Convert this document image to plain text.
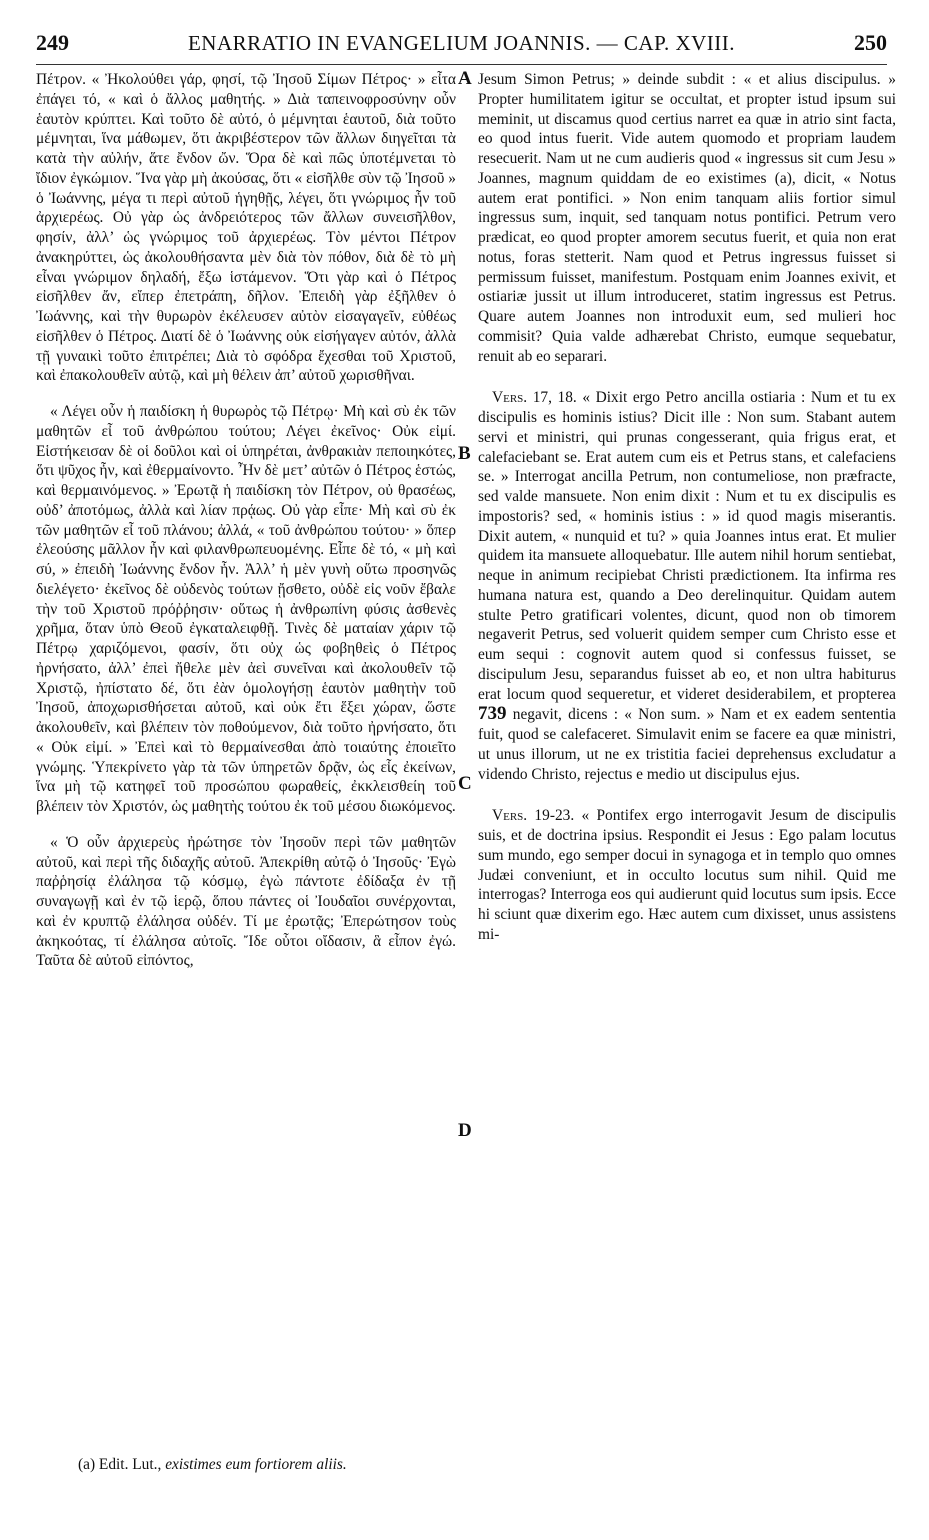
249	ENARRATIO IN EVANGELIUM JOANNIS. — CAP. XVIII.	250
A
B
C
D

Πέτρον. « Ἠκολούθει γάρ, φησί, τῷ Ἰησοῦ Σίμων Πέτρος· » εἶτα ἐπάγει τό, « καὶ ὁ ἄλλος μαθητής. » Διὰ ταπεινοφροσύνην οὖν ἑαυτὸν κρύπτει. Καὶ τοῦτο δὲ αὐτό, ὁ μέμνηται ἑαυτοῦ, διὰ τοῦτο μέμνηται, ἵνα μάθωμεν, ὅτι ἀκριβέστερον τῶν ἄλλων διηγεῖται τὰ κατὰ τὴν αὐλήν, ἅτε ἔνδον ὤν. Ὅρα δὲ καὶ πῶς ὑποτέμνεται τὸ ἴδιον ἐγκώμιον. Ἵνα γὰρ μὴ ἀκούσας, ὅτι « εἰσῆλθε σὺν τῷ Ἰησοῦ » ὁ Ἰωάννης, μέγα τι περὶ αὐτοῦ ἡγηθῇς, λέγει, ὅτι γνώριμος ἦν τοῦ ἀρχιερέως. Οὐ γὰρ ὡς ἀνδρειότερος τῶν ἄλλων συνεισῆλθον, φησίν, ἀλλ’ ὡς γνώριμος τοῦ ἀρχιερέως. Τὸν μέντοι Πέτρον ἀνακηρύττει, ὡς ἀκολουθήσαντα μὲν διὰ τὸν πόθον, διὰ δὲ τὸ μὴ εἶναι γνώριμον δηλαδή, ἔξω ἱστάμενον. Ὅτι γὰρ καὶ ὁ Πέτρος εἰσῆλθεν ἄν, εἴπερ ἐπετράπη, δῆλον. Ἐπειδὴ γὰρ ἐξῆλθεν ὁ Ἰωάννης, καὶ τὴν θυρωρὸν ἐκέλευσεν αὐτὸν εἰσαγαγεῖν, εὐθέως εἰσῆλθεν ὁ Πέτρος. Διατί δὲ ὁ Ἰωάννης οὐκ εἰσήγαγεν αὐτόν, ἀλλὰ τῇ γυναικὶ τοῦτο ἐπιτρέπει; Διὰ τὸ σφόδρα ἔχεσθαι τοῦ Χριστοῦ, καὶ ἐπακολουθεῖν αὐτῷ, καὶ μὴ θέλειν ἀπ’ αὐτοῦ χωρισθῆναι.

« Λέγει οὖν ἡ παιδίσκη ἡ θυρωρὸς τῷ Πέτρῳ· Μὴ καὶ σὺ ἐκ τῶν μαθητῶν εἶ τοῦ ἀνθρώπου τούτου; Λέγει ἐκεῖνος· Οὐκ εἰμί. Εἱστήκεισαν δὲ οἱ δοῦλοι καὶ οἱ ὑπηρέται, ἀνθρακιὰν πεποιηκότες, ὅτι ψῦχος ἦν, καὶ ἐθερμαίνοντο. Ἦν δὲ μετ’ αὐτῶν ὁ Πέτρος ἑστώς, καὶ θερμαινόμενος. » Ἐρωτᾷ ἡ παιδίσκη τὸν Πέτρον, οὐ θρασέως, οὐδ’ ἀποτόμως, ἀλλὰ καὶ λίαν πρᾴως. Οὐ γὰρ εἶπε· Μὴ καὶ σὺ ἐκ τῶν μαθητῶν εἶ τοῦ πλάνου; ἀλλά, « τοῦ ἀνθρώπου τούτου· » ὅπερ ἐλεούσης μᾶλλον ἦν καὶ φιλανθρωπευομένης. Εἶπε δὲ τό, « μὴ καὶ σύ, » ἐπειδὴ Ἰωάννης ἔνδον ἦν. Ἀλλ’ ἡ μὲν γυνὴ οὕτω προσηνῶς διελέγετο· ἐκεῖνος δὲ οὐδενὸς τούτων ᾔσθετο, οὐδὲ εἰς νοῦν ἔβαλε τὴν τοῦ Χριστοῦ πρόῤῥησιν· οὕτως ἡ ἀνθρωπίνη φύσις ἀσθενὲς χρῆμα, ὅταν ὑπὸ Θεοῦ ἐγκαταλειφθῇ. Τινὲς δὲ ματαίαν χάριν τῷ Πέτρῳ χαριζόμενοι, φασίν, ὅτι οὐχ ὡς φοβηθεὶς ὁ Πέτρος ἠρνήσατο, ἀλλ’ ἐπεὶ ἤθελε μὲν ἀεὶ συνεῖναι καὶ ἀκολουθεῖν τῷ Χριστῷ, ἠπίστατο δέ, ὅτι ἐὰν ὁμολογήσῃ ἑαυτὸν μαθητὴν τοῦ Ἰησοῦ, ἀποχωρισθήσεται αὐτοῦ, καὶ οὐκ ἔτι ἕξει χώραν, ὥστε ἀκολουθεῖν, καὶ βλέπειν τὸν ποθούμενον, διὰ τοῦτο ἠρνήσατο, ὅτι « Οὐκ εἰμί. » Ἐπεὶ καὶ τὸ θερμαίνεσθαι ἀπὸ τοιαύτης ἐποιεῖτο γνώμης. Ὑπεκρίνετο γὰρ τὰ τῶν ὑπηρετῶν δρᾷν, ὡς εἷς ἐκείνων, ἵνα μὴ τῷ κατηφεῖ τοῦ προσώπου φωραθείς, ἐκκλεισθείη τοῦ βλέπειν τὸν Χριστόν, ὡς μαθητὴς τούτου ἐκ τοῦ μέσου διωκόμενος.

« Ὁ οὖν ἀρχιερεὺς ἠρώτησε τὸν Ἰησοῦν περὶ τῶν μαθητῶν αὐτοῦ, καὶ περὶ τῆς διδαχῆς αὐτοῦ. Ἀπεκρίθη αὐτῷ ὁ Ἰησοῦς· Ἐγὼ παῤῥησίᾳ ἐλάλησα τῷ κόσμῳ, ἐγὼ πάντοτε ἐδίδαξα ἐν τῇ συναγωγῇ καὶ ἐν τῷ ἱερῷ, ὅπου πάντες οἱ Ἰουδαῖοι συνέρχονται, καὶ ἐν κρυπτῷ ἐλάλησα οὐδέν. Τί με ἐρωτᾷς; Ἐπερώτησον τοὺς ἀκηκοότας, τί ἐλάλησα αὐτοῖς. Ἴδε οὗτοι οἴδασιν, ἃ εἶπον ἐγώ. Ταῦτα δὲ αὐτοῦ εἰπόντος,

Jesum Simon Petrus; » deinde subdit : « et alius discipulus. » Propter humilitatem igitur se occultat, et propter istud ipsum sui meminit, ut discamus quod certius narret ea quæ in atrio sint facta, eo quod intus fuerit. Vide autem quomodo et propriam laudem resecuerit. Nam ut ne cum audieris quod « ingressus sit cum Jesu » Joannes, magnum quiddam de eo existimes (a), dicit, « Notus autem erat pontifici. » Non enim tanquam aliis fortior simul ingressus sum, inquit, sed tanquam notus pontifici. Petrum vero prædicat, eo quod propter amorem secutus fuerit, et quia non erat notus, foras stetterit. Nam quod et Petrus ingressus fuisset si permissum fuisset, manifestum. Postquam enim Joannes exivit, et ostiariæ jussit ut illum introduceret, statim ingressus est Petrus. Quare autem Joannes non introduxit eum, sed mulieri hoc commisit? Quia valde adhærebat Christo, eumque sequebatur, renuit ab eo separari.

Vers. 17, 18. « Dixit ergo Petro ancilla ostiaria : Num et tu ex discipulis es hominis istius? Dicit ille : Non sum. Stabant autem servi et ministri, qui prunas congesserant, quia frigus erat, et calefaciebant se. Erat autem cum eis et Petrus stans, et calefaciens se. » Interrogat ancilla Petrum, non contumeliose, non præfracte, sed valde mansuete. Non enim dixit : Num et tu ex discipulis es impostoris? sed, « hominis istius : » id quod magis miserantis. Dixit autem, « nunquid et tu? » quia Joannes intus erat. Et mulier quidem ita mansuete alloquebatur. Ille autem nihil horum sentiebat, neque in animum recipiebat Christi prædictionem. Ita infirma res humana natura est, quando a Deo derelinquitur. Quidam autem stulte Petro gratificari volentes, dicunt, quod non ob timorem negaverit Petrus, sed voluerit quidem semper cum Christo esse et eum sequi : cognovit autem quod si confessus fuisset, se discipulum Jesu, separandus fuisset ab eo, et non ultra habiturus erat locum quod sequeretur, et videret desiderabilem, et propterea 739 negavit, dicens : « Non sum. » Nam et ex eadem sententia fuit, quod se calefaceret. Simulavit enim se facere ea quæ ministri, ut unus illorum, ut ne ex tristitia faciei deprehensus excludatur a videndo Christo, rejectus e medio ut discipulus ejus.

Vers. 19-23. « Pontifex ergo interrogavit Jesum de discipulis suis, et de doctrina ipsius. Respondit ei Jesus : Ego palam locutus sum mundo, ego semper docui in synagoga et in templo quo omnes Judæi conveniunt, et in occulto locutus sum nihil. Quid me interrogas? Interroga eos qui audierunt quid locutus sum ipsis. Ecce hi sciunt quæ dixerim ego. Hæc autem cum dixisset, unus assistens mi-

(a) Edit. Lut., existimes eum fortiorem aliis.
